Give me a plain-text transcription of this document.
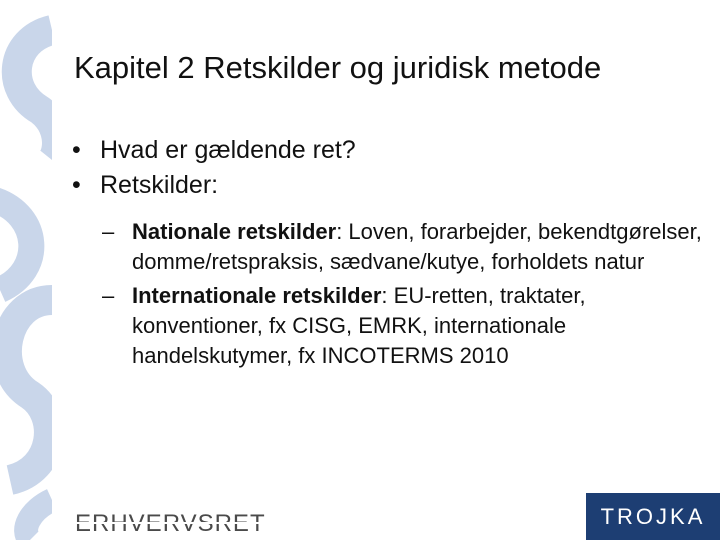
Kapitel 2 Retskilder og juridisk metode
• Hvad er gældende ret?
• Retskilder:
– Nationale retskilder: Loven, forarbejder, bekendtgørelser, domme/retspraksis, sædvane/kutye, forholdets natur
– Internationale retskilder: EU-retten, traktater, konventioner, fx CISG, EMRK, internationale handelskutymer, fx INCOTERMS 2010
ERHVERVSRET	TROJKA
